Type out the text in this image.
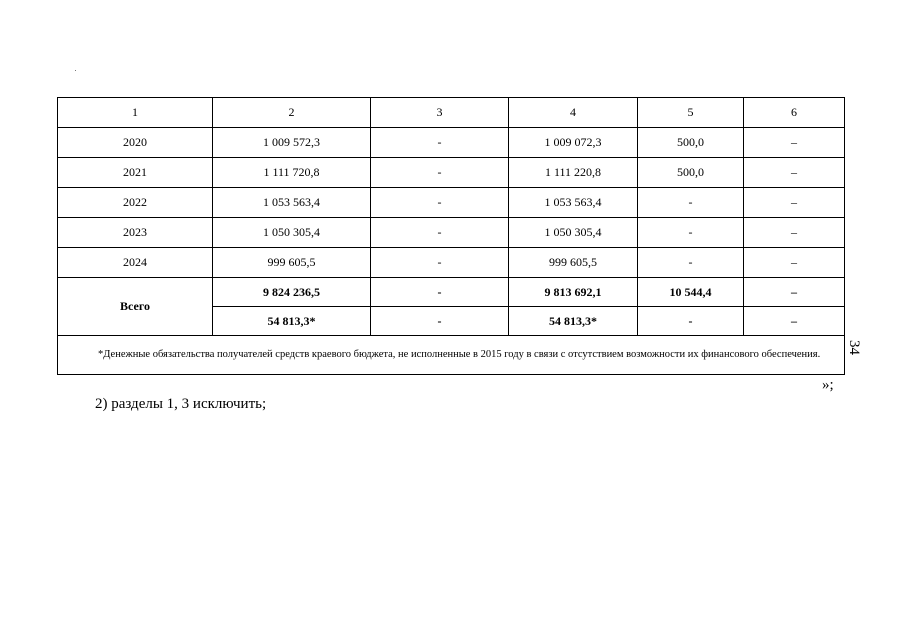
1	2	3	4	5	6
2020	1 009 572,3	-	1 009 072,3	500,0	–
2021	1 111 720,8	-	1 111 220,8	500,0	–
2022	1 053 563,4	-	1 053 563,4	-	–
2023	1 050 305,4	-	1 050 305,4	-	–
2024	999 605,5	-	999 605,5	-	–
Всего	9 824 236,5	-	9 813 692,1	10 544,4	–
	54 813,3*	-	54 813,3*	-	–
*Денежные обязательства получателей средств краевого бюджета, не исполненные в 2015 году в связи с отсутствием возможности их финансового обеспечения.					
»;
2) разделы 1, 3 исключить;
34
